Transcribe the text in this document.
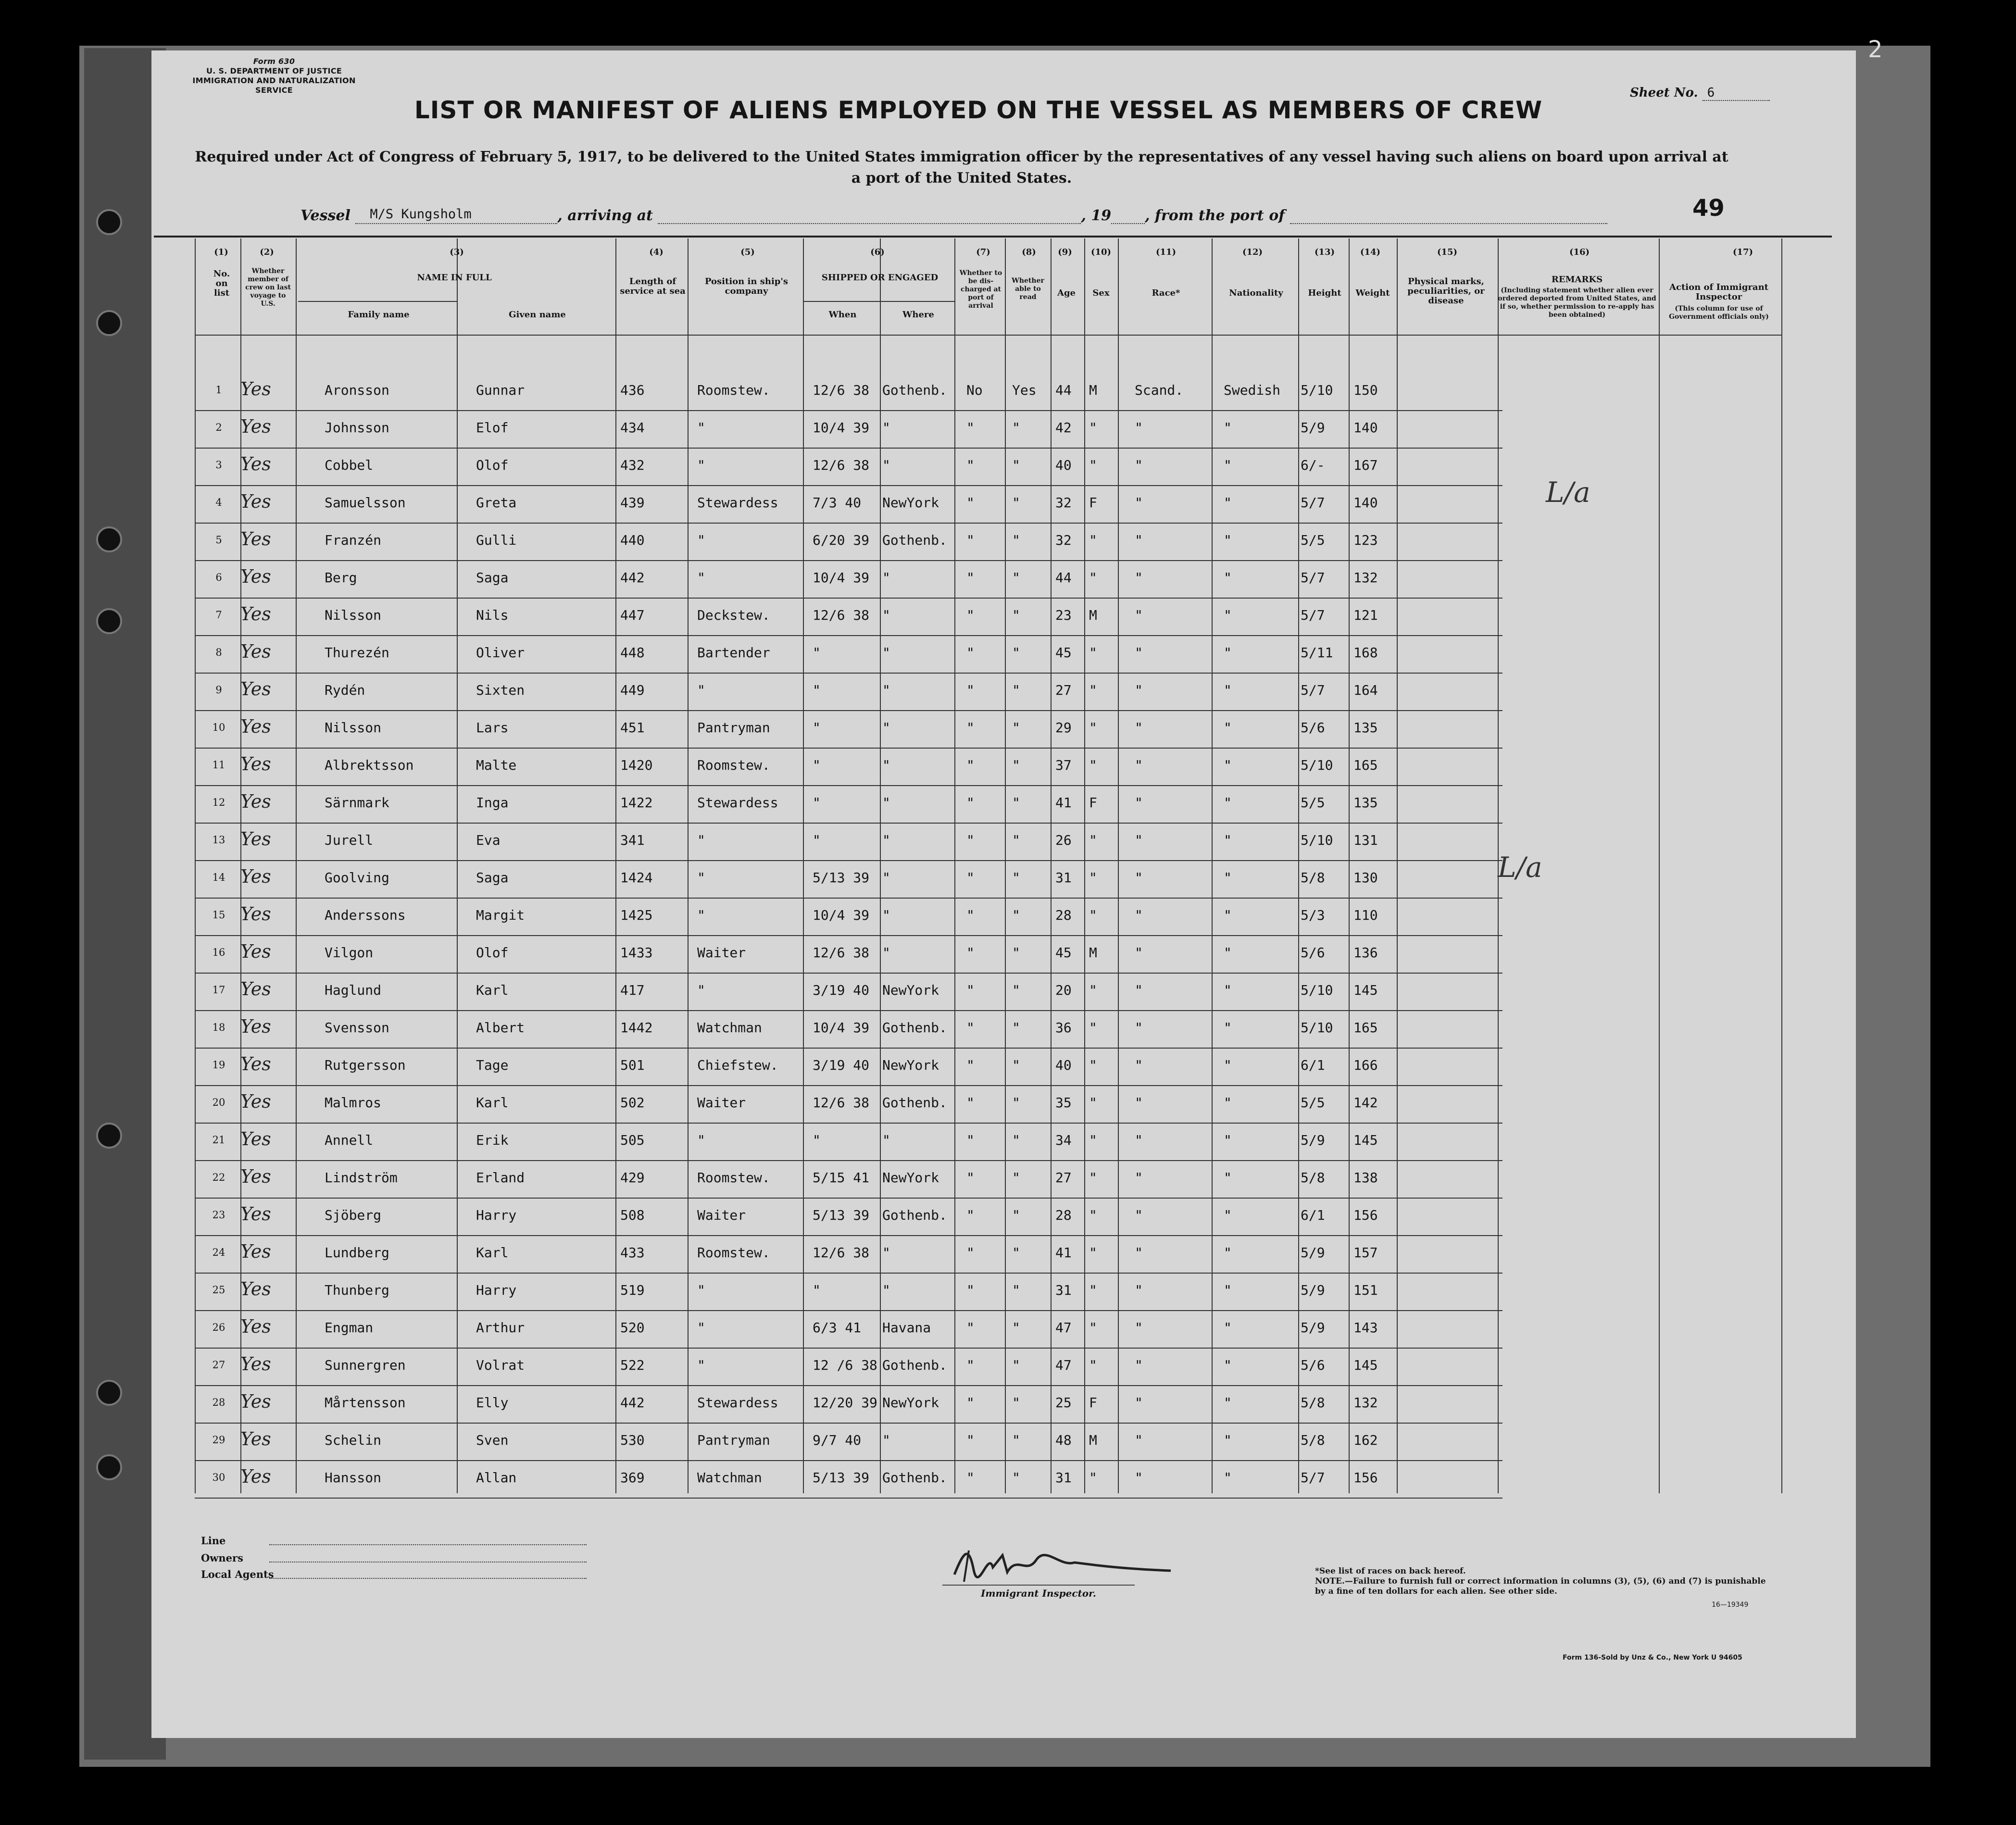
Form 630
U. S. DEPARTMENT OF JUSTICE
IMMIGRATION AND NATURALIZATION SERVICE
LIST OR MANIFEST OF ALIENS EMPLOYED ON THE VESSEL AS MEMBERS OF CREW
Required under Act of Congress of February 5, 1917, to be delivered to the United States immigration officer by the representatives of any vessel having such aliens on board upon arrival at a port of the United States.
Sheet No. 6
49
2
Vessel M/S Kungsholm	, arriving at	, 19 , from the port of
(1)	(2)	(3)	(4)	(5)	(6)	(7)	(8)	(9)	(10)	(11)	(12)	(13)	(14)	(15)	(16)	(17)
No. on list
Whether member of crew on last voyage to U.S.
NAME IN FULL
Family name	Given name
Length of service at sea
Position in ship's company
SHIPPED OR ENGAGED
When	Where
Whether to be dis-charged at port of arrival
Whether able to read	Age	Sex	Race*	Nationality	Height	Weight
Physical marks, peculiarities, or disease
REMARKS
(Including statement whether alien ever ordered deported from United States, and if so, whether permission to re-apply has been obtained)
Action of Immigrant Inspector
(This column for use of Government officials only)
1	Yes	Aronsson	Gunnar	436	Roomstew.	12/6 38 Gothenb.	No	Yes	44	M	Scand.	Swedish	5/10	150
2	Yes	Johnsson	Elof	434	"	10/4 39 "	"	"	42	"	"	"	5/9	140
3	Yes	Cobbel	Olof	432	"	12/6 38 "	"	"	40	"	"	"	6/-	167
4	Yes	Samuelsson	Greta	439	Stewardess	7/3 40	NewYork	"	"	32	F	"	"	5/7	140
5	Yes	Franzén	Gulli	440	"	6/20 39 Gothenb.	"	"	32	"	"	"	5/5	123
6	Yes	Berg	Saga	442	"	10/4 39 "	"	"	44	"	"	"	5/7	132
7	Yes	Nilsson	Nils	447	Deckstew.	12/6 38 "	"	"	23	M	"	"	5/7	121
8	Yes	Thurezén	Oliver	448	Bartender	"	"	"	"	45	"	"	"	5/11	168
9	Yes	Rydén	Sixten	449	"	"	"	"	"	27	"	"	"	5/7	164
10 Yes	Nilsson	Lars	451	Pantryman	"	"	"	"	29	"	"	"	5/6	135
11 Yes	Albrektsson	Malte	1420	Roomstew.	"	"	"	"	37	"	"	"	5/10	165
12 Yes	Särnmark	Inga	1422	Stewardess	"	"	"	"	41	F	"	"	5/5	135
13 Yes	Jurell	Eva	341	"	"	"	"	"	26	"	"	"	5/10	131
14 Yes	Goolving	Saga	1424	"	5/13 39 "	"	"	31	"	"	"	5/8	130
15 Yes	Anderssons	Margit	1425	"	10/4 39 "	"	"	28	"	"	"	5/3	110
16 Yes	Vilgon	Olof	1433	Waiter	12/6 38 "	"	"	45	M	"	"	5/6	136
17 Yes	Haglund	Karl	417	"	3/19 40 NewYork	"	"	20	"	"	"	5/10	145
18 Yes	Svensson	Albert	1442	Watchman	10/4 39 Gothenb.	"	"	36	"	"	"	5/10	165
19 Yes	Rutgersson	Tage	501	Chiefstew.	3/19 40 NewYork	"	"	40	"	"	"	6/1	166
20 Yes	Malmros	Karl	502	Waiter	12/6 38 Gothenb.	"	"	35	"	"	"	5/5	142
21 Yes	Annell	Erik	505	"	"	"	"	"	34	"	"	"	5/9	145
22 Yes	Lindström	Erland	429	Roomstew.	5/15 41 NewYork	"	"	27	"	"	"	5/8	138
23 Yes	Sjöberg	Harry	508	Waiter	5/13 39 Gothenb.	"	"	28	"	"	"	6/1	156
24 Yes	Lundberg	Karl	433	Roomstew.	12/6 38 "	"	"	41	"	"	"	5/9	157
25 Yes	Thunberg	Harry	519	"	"	"	"	"	31	"	"	"	5/9	151
26 Yes	Engman	Arthur	520	"	6/3 41	Havana	"	"	47	"	"	"	5/9	143
27 Yes	Sunnergren	Volrat	522	"	12 /6 38 Gothenb.	"	"	47	"	"	"	5/6	145
28 Yes	Mårtensson	Elly	442	Stewardess	12/20 39 NewYork	"	"	25	F	"	"	5/8	132
29 Yes	Schelin	Sven	530	Pantryman	9/7 40	"	"	"	48	M	"	"	5/8	162
30 Yes	Hansson	Allan	369	Watchman	5/13 39 Gothenb.	"	"	31	"	"	"	5/7	156
L/a
L/a
Line
Owners
Local Agents
Immigrant Inspector.
*See list of races on back hereof.
NOTE.—Failure to furnish full or correct information in columns (3), (5), (6) and (7) is punishable by a fine of ten dollars for each alien. See other side.
16—19349
Form 136-Sold by Unz & Co., New York U 94605
